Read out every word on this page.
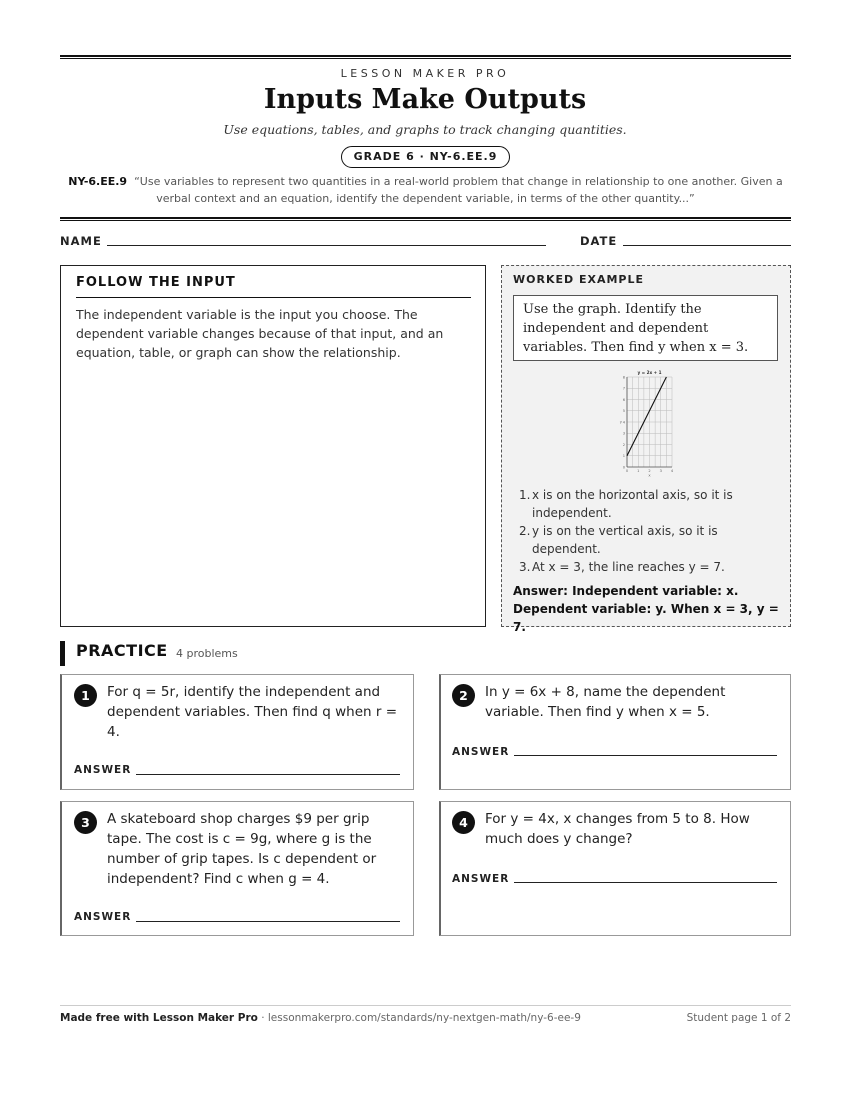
LESSON MAKER PRO
Inputs Make Outputs
Use equations, tables, and graphs to track changing quantities.
GRADE 6 · NY-6.EE.9
NY-6.EE.9 “Use variables to represent two quantities in a real-world problem that change in relationship to one another. Given a verbal context and an equation, identify the dependent variable, in terms of the other quantity...”
NAME	DATE
FOLLOW THE INPUT
The independent variable is the input you choose. The dependent variable changes because of that input, and an equation, table, or graph can show the relationship.
WORKED EXAMPLE
Use the graph. Identify the independent and dependent variables. Then find y when x = 3.
0 1 2 3 4
0
1
2
3
4
5
6
7
8
x
y
y = 2x + 1
1. x is on the horizontal axis, so it is independent.
2. y is on the vertical axis, so it is dependent.
3. At x = 3, the line reaches y = 7.
Answer: Independent variable: x. Dependent variable: y. When x = 3, y = 7.
PRACTICE 4 problems
1	For q = 5r, identify the independent and dependent variables. Then find q when r = 4.
ANSWER
2	In y = 6x + 8, name the dependent variable. Then find y when x = 5.
ANSWER
3	A skateboard shop charges $9 per grip tape. The cost is c = 9g, where g is the number of grip tapes. Is c dependent or independent? Find c when g = 4.
ANSWER
4	For y = 4x, x changes from 5 to 8. How much does y change?
ANSWER
Made free with Lesson Maker Pro · lessonmakerpro.com/standards/ny-nextgen-math/ny-6-ee-9	Student page 1 of 2
